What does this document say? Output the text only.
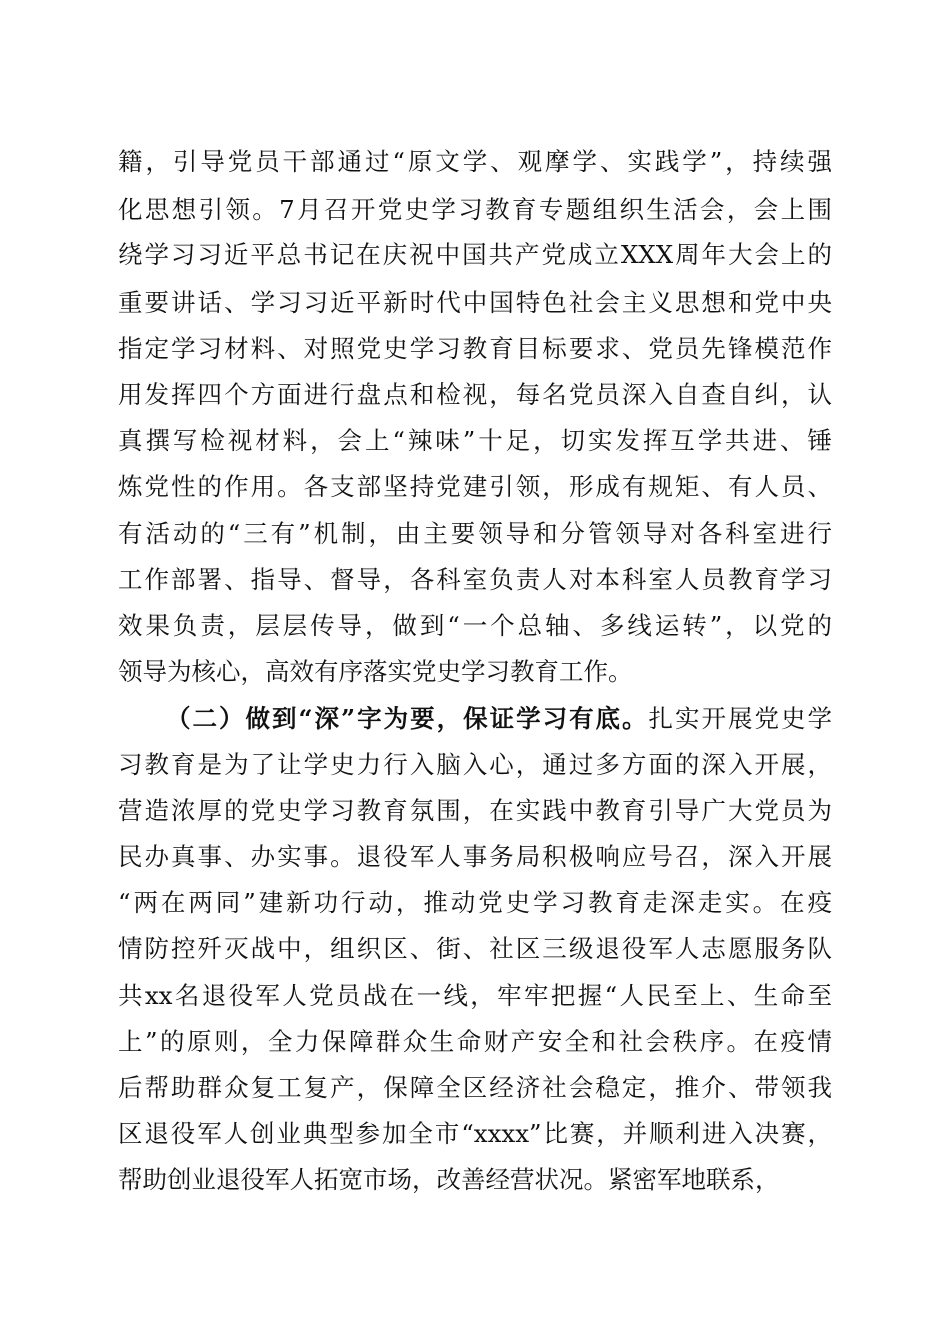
籍，引导党员干部通过“原文学、观摩学、实践学”，持续强
化思想引领。7月召开党史学习教育专题组织生活会，会上围
绕学习习近平总书记在庆祝中国共产党成立XXX周年大会上的
重要讲话、学习习近平新时代中国特色社会主义思想和党中央
指定学习材料、对照党史学习教育目标要求、党员先锋模范作
用发挥四个方面进行盘点和检视，每名党员深入自查自纠，认
真撰写检视材料，会上“辣味”十足，切实发挥互学共进、锤
炼党性的作用。各支部坚持党建引领，形成有规矩、有人员、
有活动的“三有”机制，由主要领导和分管领导对各科室进行
工作部署、指导、督导，各科室负责人对本科室人员教育学习
效果负责，层层传导，做到“一个总轴、多线运转”，以党的
领导为核心，高效有序落实党史学习教育工作。
（二）做到“深”字为要，保证学习有底。扎实开展党史学
习教育是为了让学史力行入脑入心，通过多方面的深入开展，
营造浓厚的党史学习教育氛围，在实践中教育引导广大党员为
民办真事、办实事。退役军人事务局积极响应号召，深入开展
“两在两同”建新功行动，推动党史学习教育走深走实。在疫
情防控歼灭战中，组织区、街、社区三级退役军人志愿服务队
共xx名退役军人党员战在一线，牢牢把握“人民至上、生命至
上”的原则，全力保障群众生命财产安全和社会秩序。在疫情
后帮助群众复工复产，保障全区经济社会稳定，推介、带领我
区退役军人创业典型参加全市“xxxx”比赛，并顺利进入决赛，
帮助创业退役军人拓宽市场，改善经营状况。紧密军地联系，
